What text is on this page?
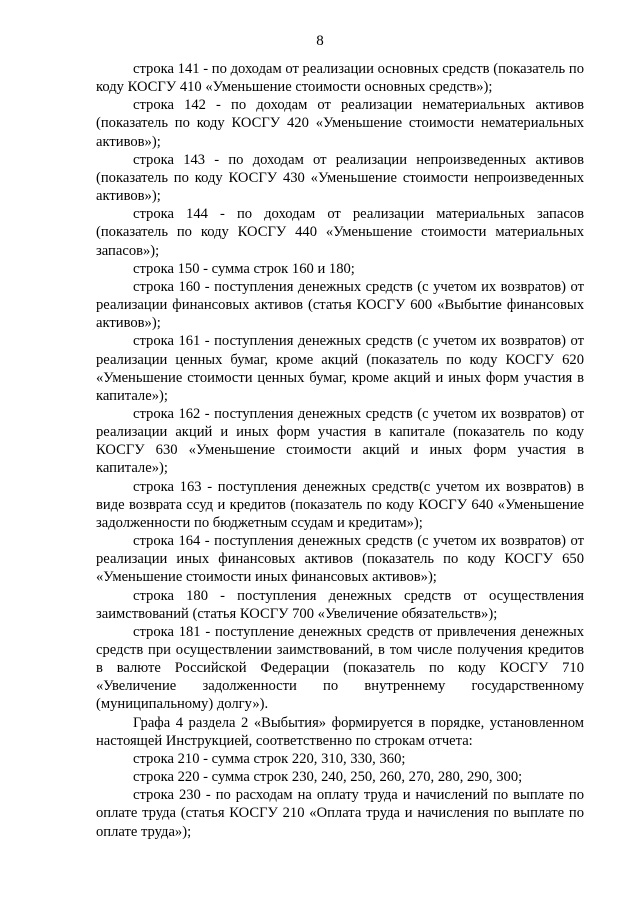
8

строка 141 - по доходам от реализации основных средств (показатель по коду КОСГУ 410 «Уменьшение стоимости основных средств»);

строка 142 - по доходам от реализации нематериальных активов (показатель по коду КОСГУ 420 «Уменьшение стоимости нематериальных активов»);

строка 143 - по доходам от реализации непроизведенных активов (показатель по коду КОСГУ 430 «Уменьшение стоимости непроизведенных активов»);

строка 144 - по доходам от реализации материальных запасов (показатель по коду КОСГУ 440 «Уменьшение стоимости материальных запасов»);

строка 150 - сумма строк 160 и 180;

строка 160 - поступления денежных средств (с учетом их возвратов) от реализации финансовых активов (статья КОСГУ 600 «Выбытие финансовых активов»);

строка 161 - поступления денежных средств (с учетом их возвратов) от реализации ценных бумаг, кроме акций (показатель по коду КОСГУ 620 «Уменьшение стоимости ценных бумаг, кроме акций и иных форм участия в капитале»);

строка 162 - поступления денежных средств (с учетом их возвратов) от реализации акций и иных форм участия в капитале (показатель по коду КОСГУ 630 «Уменьшение стоимости акций и иных форм участия в капитале»);

строка 163 - поступления денежных средств(с учетом их возвратов) в виде возврата ссуд и кредитов (показатель по коду КОСГУ 640 «Уменьшение задолженности по бюджетным ссудам и кредитам»);

строка 164 - поступления денежных средств (с учетом их возвратов) от реализации иных финансовых активов (показатель по коду КОСГУ 650 «Уменьшение стоимости иных финансовых активов»);

строка 180 - поступления денежных средств от осуществления заимствований (статья КОСГУ 700 «Увеличение обязательств»);

строка 181 - поступление денежных средств от привлечения денежных средств при осуществлении заимствований, в том числе получения кредитов в валюте Российской Федерации (показатель по коду КОСГУ 710 «Увеличение задолженности по внутреннему государственному (муниципальному) долгу»).

Графа 4 раздела 2 «Выбытия» формируется в порядке, установленном настоящей Инструкцией, соответственно по строкам отчета:

строка 210 - сумма строк 220, 310, 330, 360;

строка 220 - сумма строк 230, 240, 250, 260, 270, 280, 290, 300;

строка 230 - по расходам на оплату труда и начислений по выплате по оплате труда (статья КОСГУ 210 «Оплата труда и начисления по выплате по оплате труда»);
